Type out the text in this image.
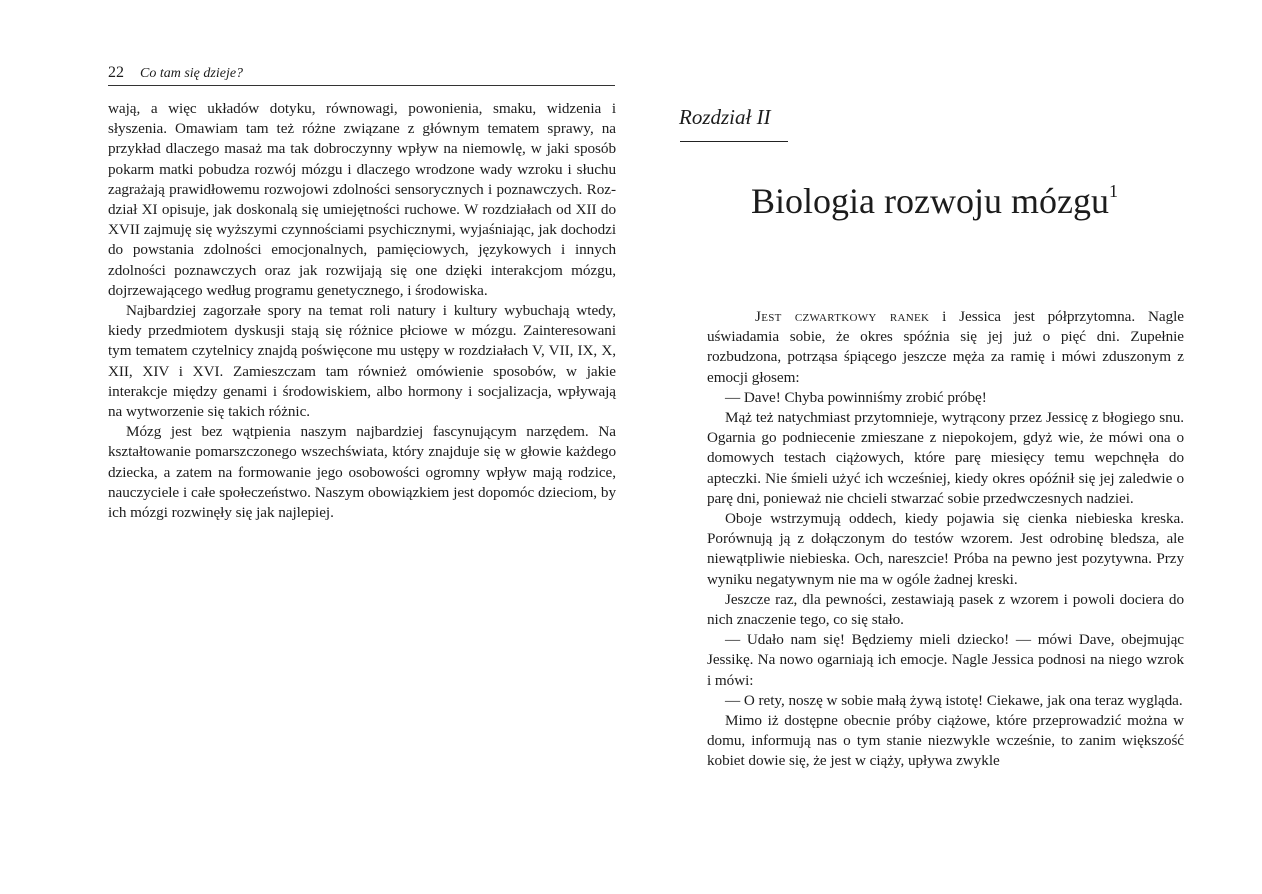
22 Co tam się dzieje?

wają, a więc układów dotyku, równowagi, powonienia, smaku, widzenia i słyszenia. Omawiam tam też różne związane z głównym tematem sprawy, na przykład dlaczego masaż ma tak dobroczynny wpływ na niemowlę, w jaki sposób pokarm matki pobudza rozwój mózgu i dlaczego wrodzone wady wzroku i słuchu zagrażają prawidłowemu rozwojowi zdolności sensorycznych i poznawczych. Rozdział XI opisuje, jak doskonalą się umiejętności ruchowe. W rozdziałach od XII do XVII zajmuję się wyższymi czynnościami psychicznymi, wyjaśniając, jak dochodzi do powstania zdolności emocjonalnych, pamięciowych, językowych i innych zdolności poznawczych oraz jak rozwijają się one dzięki interakcjom mózgu, dojrzewającego według programu genetycznego, i środowiska.

Najbardziej zagorzałe spory na temat roli natury i kultury wybuchają wtedy, kiedy przedmiotem dyskusji stają się różnice płciowe w mózgu. Zainteresowani tym tematem czytelnicy znajdą poświęcone mu ustępy w rozdziałach V, VII, IX, X, XII, XIV i XVI. Zamieszczam tam również omówienie sposobów, w jakie interakcje między genami i środowiskiem, albo hormony i socjalizacja, wpływają na wytworzenie się takich różnic.

Mózg jest bez wątpienia naszym najbardziej fascynującym narzędem. Na kształtowanie pomarszczonego wszechświata, który znajduje się w głowie każdego dziecka, a zatem na formowanie jego osobowości ogromny wpływ mają rodzice, nauczyciele i całe społeczeństwo. Naszym obowiązkiem jest dopomóc dzieciom, by ich mózgi rozwinęły się jak najlepiej.

Rozdział II
Biologia rozwoju mózgu$^1$

Jest czwartkowy ranek i Jessica jest półprzytomna. Nagle uświadamia sobie, że okres spóźnia się jej już o pięć dni. Zupełnie rozbudzona, potrząsa śpiącego jeszcze męża za ramię i mówi zduszonym z emocji głosem:

— Dave! Chyba powinniśmy zrobić próbę!

Mąż też natychmiast przytomnieje, wytrącony przez Jessicę z błogiego snu. Ogarnia go podniecenie zmieszane z niepokojem, gdyż wie, że mówi ona o domowych testach ciążowych, które parę miesięcy temu wepchnęła do apteczki. Nie śmieli użyć ich wcześniej, kiedy okres opóźnił się jej zaledwie o parę dni, ponieważ nie chcieli stwarzać sobie przedwczesnych nadziei.

Oboje wstrzymują oddech, kiedy pojawia się cienka niebieska kreska. Porównują ją z dołączonym do testów wzorem. Jest odrobinę bledsza, ale niewątpliwie niebieska. Och, nareszcie! Próba na pewno jest pozytywna. Przy wyniku negatywnym nie ma w ogóle żadnej kreski.

Jeszcze raz, dla pewności, zestawiają pasek z wzorem i powoli dociera do nich znaczenie tego, co się stało.

— Udało nam się! Będziemy mieli dziecko! — mówi Dave, obejmując Jessikę. Na nowo ogarniają ich emocje. Nagle Jessica podnosi na niego wzrok i mówi:

— O rety, noszę w sobie małą żywą istotę! Ciekawe, jak ona teraz wygląda.

Mimo iż dostępne obecnie próby ciążowe, które przeprowadzić można w domu, informują nas o tym stanie niezwykle wcześnie, to zanim większość kobiet dowie się, że jest w ciąży, upływa zwykle
